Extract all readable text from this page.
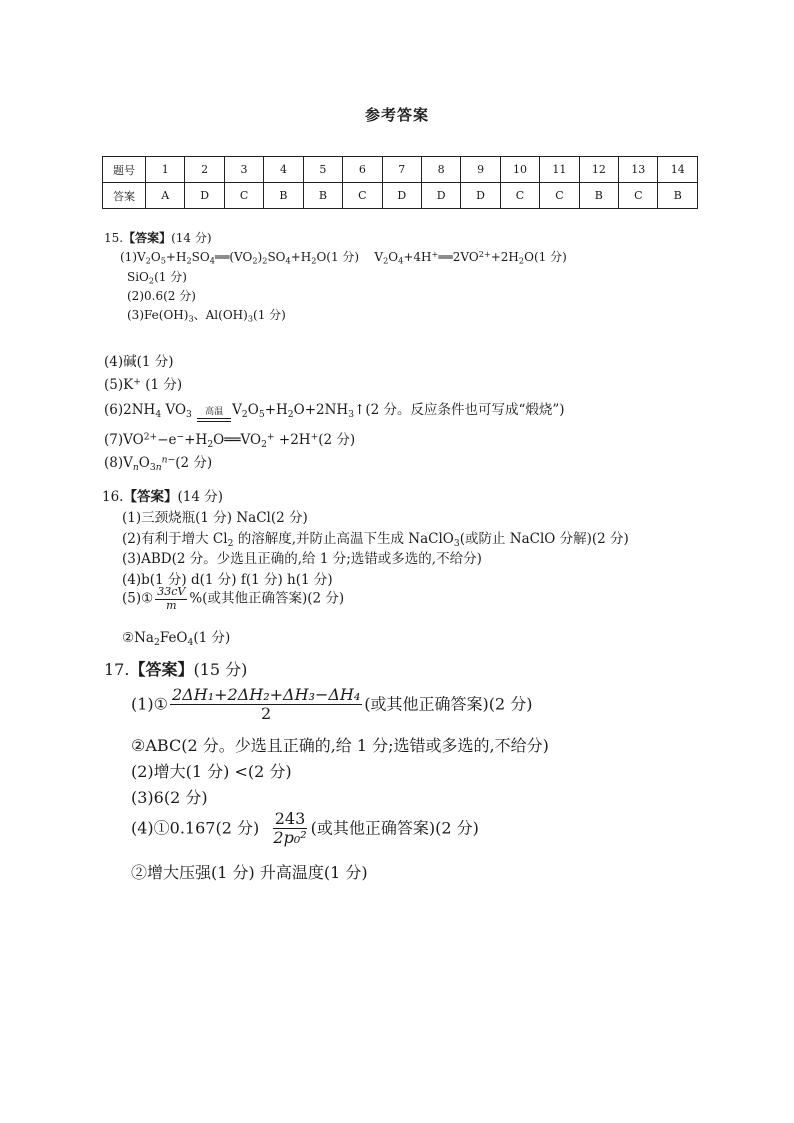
参考答案
题号	1	2	3	4	5	6	7	8	9	10	11	12	13	14
答案	A	D	C	B	B	C	D	D	D	C	C	B	C	B
15.【答案】(14 分)
$(1)V_2O_5+H_2SO_4══(VO_2)_2SO_4+H_2O(1$ 分) $V_2O_4+4H^+══2VO^{2+}+2H_2O(1$ 分)
SiO$_2$(1 分)
(2)0.6(2 分)
$(3)Fe(OH)_3$、$Al(OH)_3(1$ 分)
(4)碱(1 分)
(5)K+ (1 分)
$(6)2NH_4$ $VO_3$ 高温 $V_2O_5+H_2O+2NH_3↑(2$ 分。反应条件也可写成“煅烧”)
$(7)VO^{2+}-e^-+H_2O══VO_2^+ +2H^+(2$ 分)
$(8)V_nO_{3n}^{n-}(2$ 分)
16.【答案】(14 分)
(1)三颈烧瓶(1 分) NaCl(2 分)
(2)有利于增大 $Cl_2$ 的溶解度,并防止高温下生成 NaClO$_3$(或防止 NaClO 分解)(2 分)
(3)ABD(2 分。少选且正确的,给 1 分;选错或多选的,不给分)
(4)b(1 分) d(1 分) f(1 分) h(1 分)
(5)① $\frac{33cV}{m}$ %(或其他正确答案)(2 分)
$②Na_2FeO_4(1$ 分)
17.【答案】(15 分)
(1)① $\frac{\text{2ΔH₁+2ΔH₂+ΔH₃−ΔH₄}}{2}$ (或其他正确答案)(2 分)
②ABC(2 分。少选且正确的,给 1 分;选错或多选的,不给分)
(2)增大(1 分) <(2 分)
(3)6(2 分)
(4)①0.167(2 分) $\frac{243}{\text{2p₀²}}$ (或其他正确答案)(2 分)
②增大压强(1 分) 升高温度(1 分)
